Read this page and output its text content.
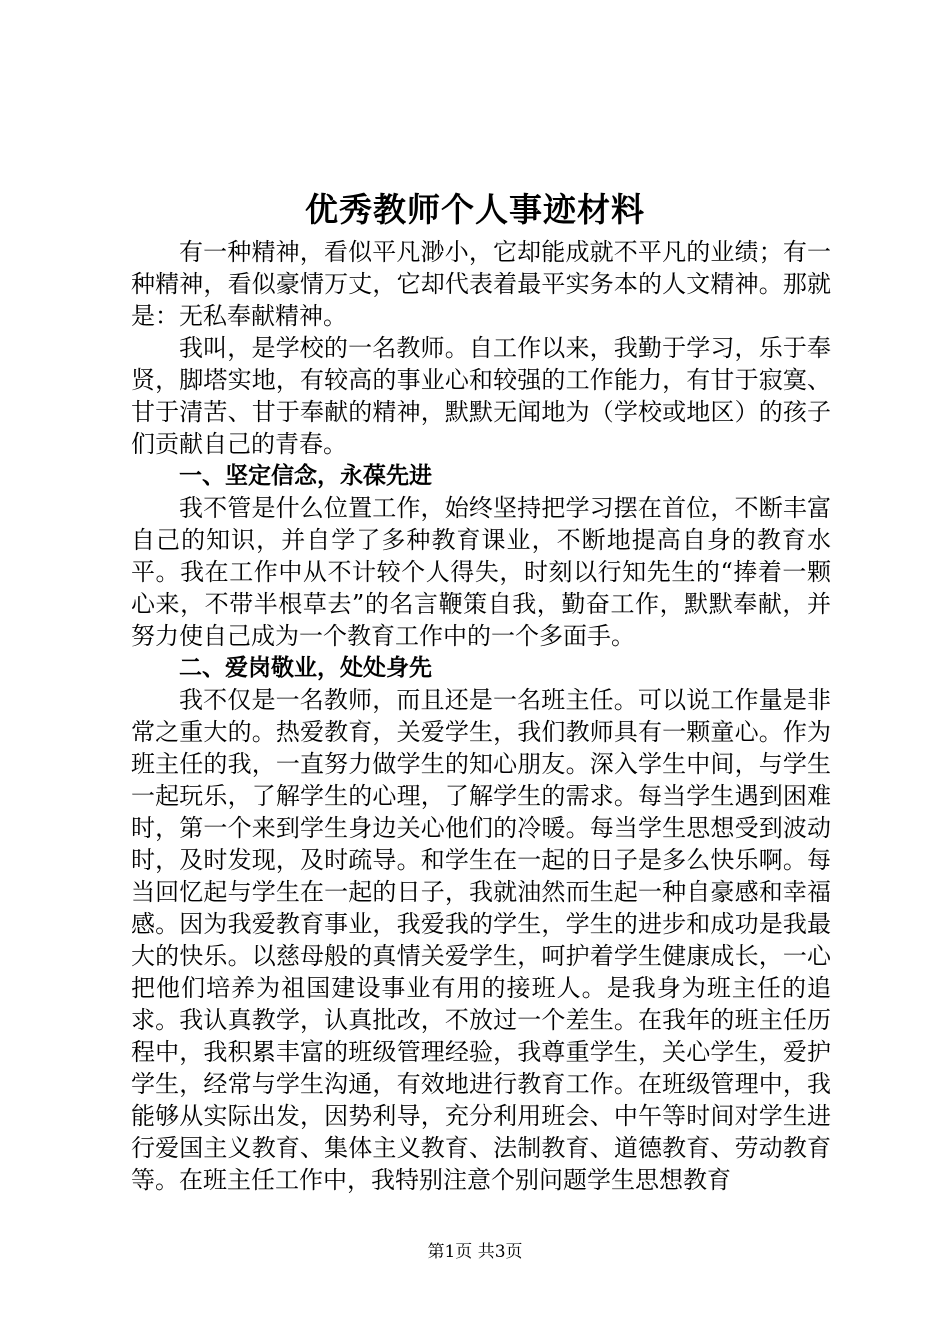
优秀教师个人事迹材料

有一种精神，看似平凡渺小，它却能成就不平凡的业绩；有一种精神，看似豪情万丈，它却代表着最平实务本的人文精神。那就是：无私奉献精神。

我叫，是学校的一名教师。自工作以来，我勤于学习，乐于奉贤，脚塔实地，有较高的事业心和较强的工作能力，有甘于寂寞、甘于清苦、甘于奉献的精神，默默无闻地为（学校或地区）的孩子们贡献自己的青春。

一、坚定信念，永葆先进

我不管是什么位置工作，始终坚持把学习摆在首位，不断丰富自己的知识，并自学了多种教育课业，不断地提高自身的教育水平。我在工作中从不计较个人得失，时刻以行知先生的“捧着一颗心来，不带半根草去”的名言鞭策自我，勤奋工作，默默奉献，并努力使自己成为一个教育工作中的一个多面手。

二、爱岗敬业，处处身先

我不仅是一名教师，而且还是一名班主任。可以说工作量是非常之重大的。热爱教育，关爱学生，我们教师具有一颗童心。作为班主任的我，一直努力做学生的知心朋友。深入学生中间，与学生一起玩乐，了解学生的心理，了解学生的需求。每当学生遇到困难时，第一个来到学生身边关心他们的冷暖。每当学生思想受到波动时，及时发现，及时疏导。和学生在一起的日子是多么快乐啊。每当回忆起与学生在一起的日子，我就油然而生起一种自豪感和幸福感。因为我爱教育事业，我爱我的学生，学生的进步和成功是我最大的快乐。以慈母般的真情关爱学生，呵护着学生健康成长，一心把他们培养为祖国建设事业有用的接班人。是我身为班主任的追求。我认真教学，认真批改，不放过一个差生。在我年的班主任历程中，我积累丰富的班级管理经验，我尊重学生，关心学生，爱护学生，经常与学生沟通，有效地进行教育工作。在班级管理中，我能够从实际出发，因势利导，充分利用班会、中午等时间对学生进行爱国主义教育、集体主义教育、法制教育、道德教育、劳动教育等。在班主任工作中，我特别注意个别问题学生思想教育

第1页 共3页
